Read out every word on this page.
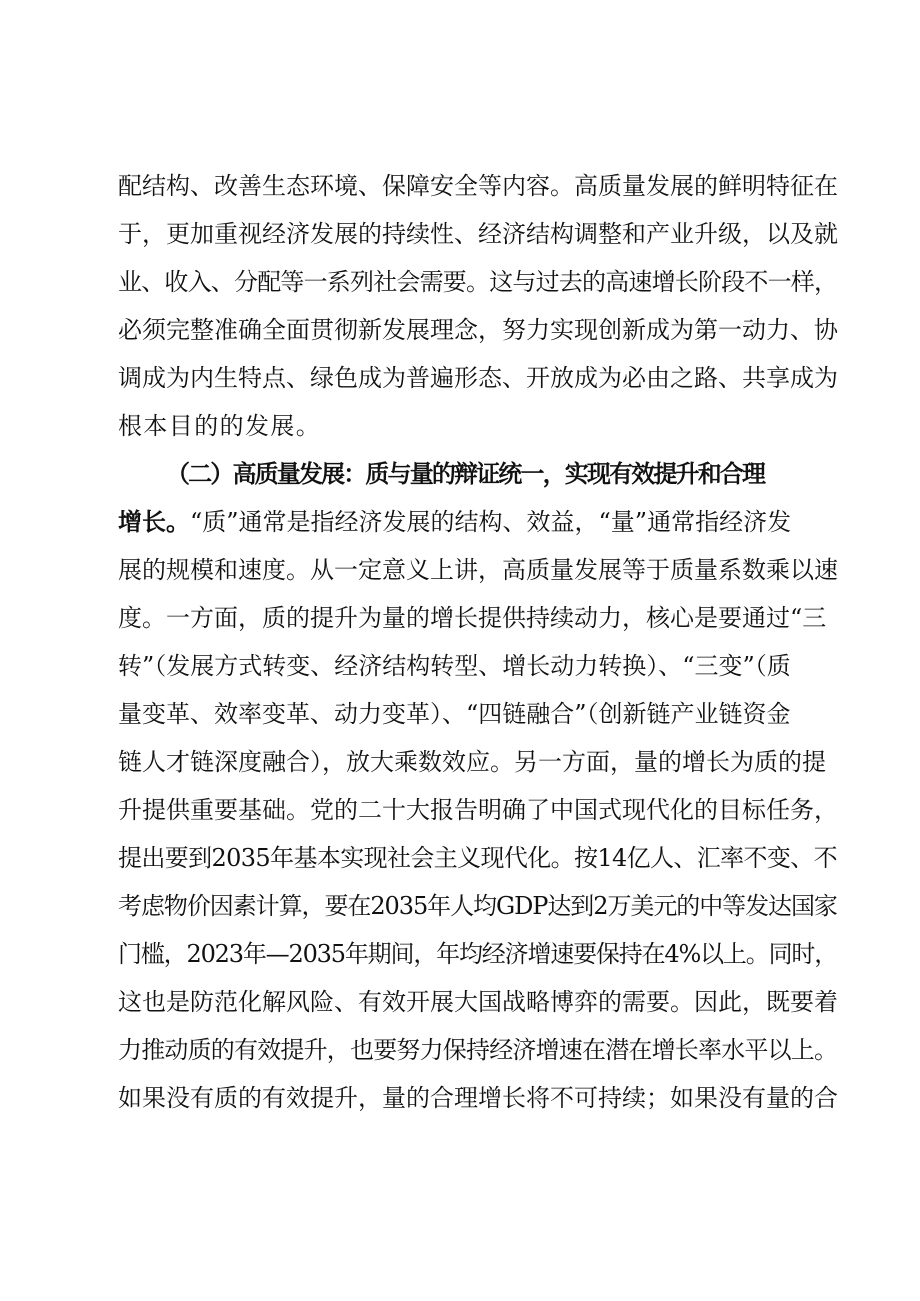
配结构、改善生态环境、保障安全等内容。高质量发展的鲜明特征在
于，更加重视经济发展的持续性、经济结构调整和产业升级，以及就
业、收入、分配等一系列社会需要。这与过去的高速增长阶段不一样，
必须完整准确全面贯彻新发展理念，努力实现创新成为第一动力、协
调成为内生特点、绿色成为普遍形态、开放成为必由之路、共享成为
根本目的的发展。
（二）高质量发展：质与量的辩证统一，实现有效提升和合理
增长。“质”通常是指经济发展的结构、效益，“量”通常指经济发
展的规模和速度。从一定意义上讲，高质量发展等于质量系数乘以速
度。一方面，质的提升为量的增长提供持续动力，核心是要通过“三
转”（发展方式转变、经济结构转型、增长动力转换）、“三变”（质
量变革、效率变革、动力变革）、“四链融合”（创新链产业链资金
链人才链深度融合），放大乘数效应。另一方面，量的增长为质的提
升提供重要基础。党的二十大报告明确了中国式现代化的目标任务，
提出要到2035年基本实现社会主义现代化。按14亿人、汇率不变、不
考虑物价因素计算，要在2035年人均GDP达到2万美元的中等发达国家
门槛，2023年—2035年期间，年均经济增速要保持在4%以上。同时，
这也是防范化解风险、有效开展大国战略博弈的需要。因此，既要着
力推动质的有效提升，也要努力保持经济增速在潜在增长率水平以上。
如果没有质的有效提升，量的合理增长将不可持续；如果没有量的合
